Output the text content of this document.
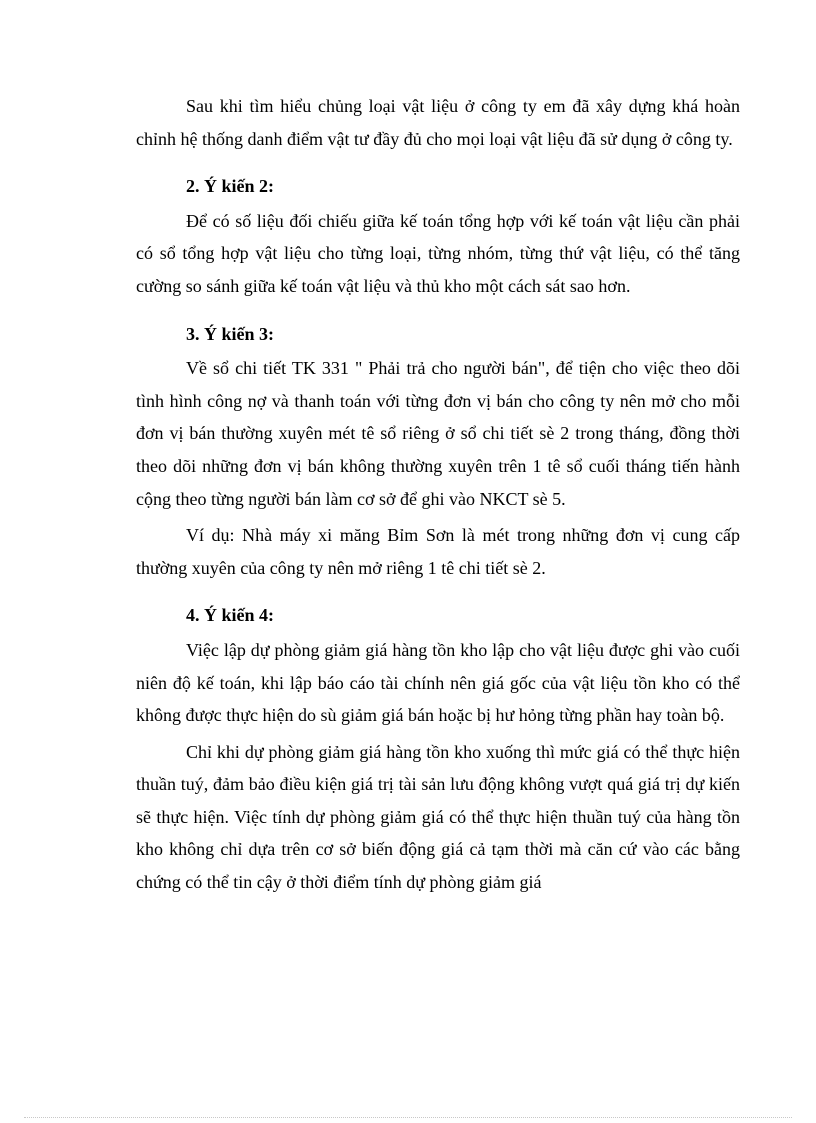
Sau khi tìm hiểu chủng loại vật liệu ở công ty em đã xây dựng khá hoàn chỉnh hệ thống danh điểm vật tư đầy đủ cho mọi loại vật liệu đã sử dụng ở công ty.

2. Ý kiến 2:

Để có số liệu đối chiếu giữa kế toán tổng hợp với kế toán vật liệu cần phải có sổ tổng hợp vật liệu cho từng loại, từng nhóm, từng thứ vật liệu, có thể tăng cường so sánh giữa kế toán vật liệu và thủ kho một cách sát sao hơn.

3. Ý kiến 3:

Về sổ chi tiết TK 331 " Phải trả cho người bán", để tiện cho việc theo dõi tình hình công nợ và thanh toán với từng đơn vị bán cho công ty nên mở cho mỗi đơn vị bán thường xuyên mét tê sổ riêng ở sổ chi tiết sè 2 trong tháng, đồng thời theo dõi những đơn vị bán không thường xuyên trên 1 tê sổ cuối tháng tiến hành cộng theo từng người bán làm cơ sở để ghi vào NKCT sè 5.

Ví dụ: Nhà máy xi măng Bỉm Sơn là mét trong những đơn vị cung cấp thường xuyên của công ty nên mở riêng 1 tê chi tiết sè 2.

4. Ý kiến 4:

Việc lập dự phòng giảm giá hàng tồn kho lập cho vật liệu được ghi vào cuối niên độ kế toán, khi lập báo cáo tài chính nên giá gốc của vật liệu tồn kho có thể không được thực hiện do sù giảm giá bán hoặc bị hư hỏng từng phần hay toàn bộ.

Chỉ khi dự phòng giảm giá hàng tồn kho xuống thì mức giá có thể thực hiện thuần tuý, đảm bảo điều kiện giá trị tài sản lưu động không vượt quá giá trị dự kiến sẽ thực hiện. Việc tính dự phòng giảm giá có thể thực hiện thuần tuý của hàng tồn kho không chỉ dựa trên cơ sở biến động giá cả tạm thời mà căn cứ vào các bằng chứng có thể tin cậy ở thời điểm tính dự phòng giảm giá
